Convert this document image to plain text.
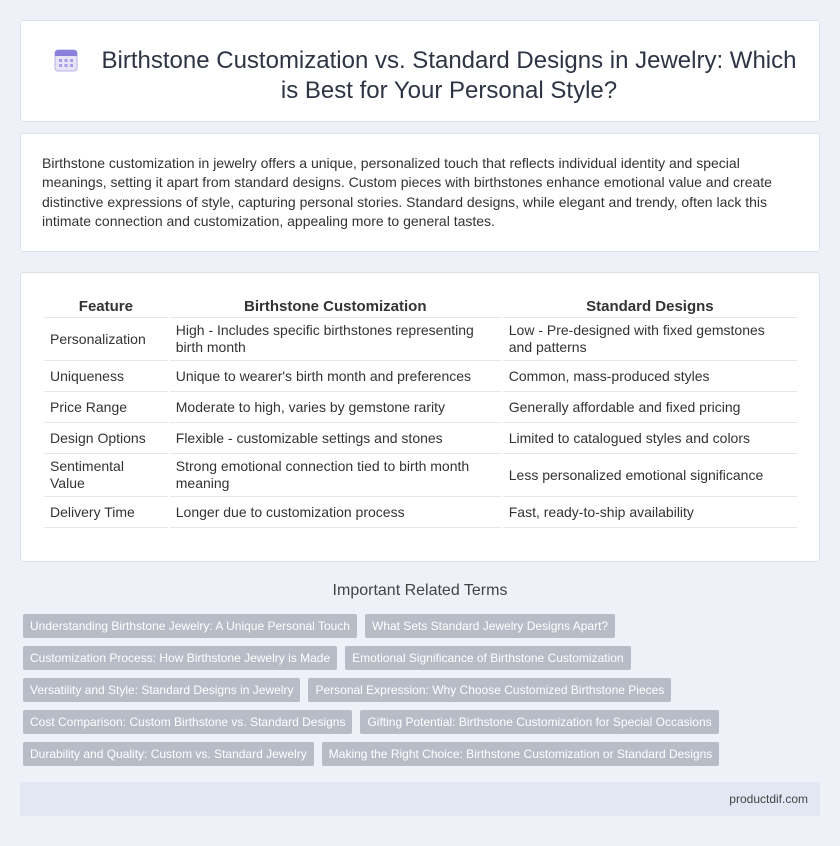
Birthstone Customization vs. Standard Designs in Jewelry: Which is Best for Your Personal Style?

Birthstone customization in jewelry offers a unique, personalized touch that reflects individual identity and special meanings, setting it apart from standard designs. Custom pieces with birthstones enhance emotional value and create distinctive expressions of style, capturing personal stories. Standard designs, while elegant and trendy, often lack this intimate connection and customization, appealing more to general tastes.

Feature	Birthstone Customization	Standard Designs
Personalization	High - Includes specific birthstones representing birth month	Low - Pre-designed with fixed gemstones and patterns
Uniqueness	Unique to wearer's birth month and preferences	Common, mass-produced styles
Price Range	Moderate to high, varies by gemstone rarity	Generally affordable and fixed pricing
Design Options	Flexible - customizable settings and stones	Limited to catalogued styles and colors
Sentimental Value	Strong emotional connection tied to birth month meaning	Less personalized emotional significance
Delivery Time	Longer due to customization process	Fast, ready-to-ship availability
Important Related Terms
Understanding Birthstone Jewelry: A Unique Personal Touch	What Sets Standard Jewelry Designs Apart?
Customization Process: How Birthstone Jewelry is Made	Emotional Significance of Birthstone Customization
Versatility and Style: Standard Designs in Jewelry	Personal Expression: Why Choose Customized Birthstone Pieces
Cost Comparison: Custom Birthstone vs. Standard Designs	Gifting Potential: Birthstone Customization for Special Occasions
Durability and Quality: Custom vs. Standard Jewelry	Making the Right Choice: Birthstone Customization or Standard Designs
productdif.com
